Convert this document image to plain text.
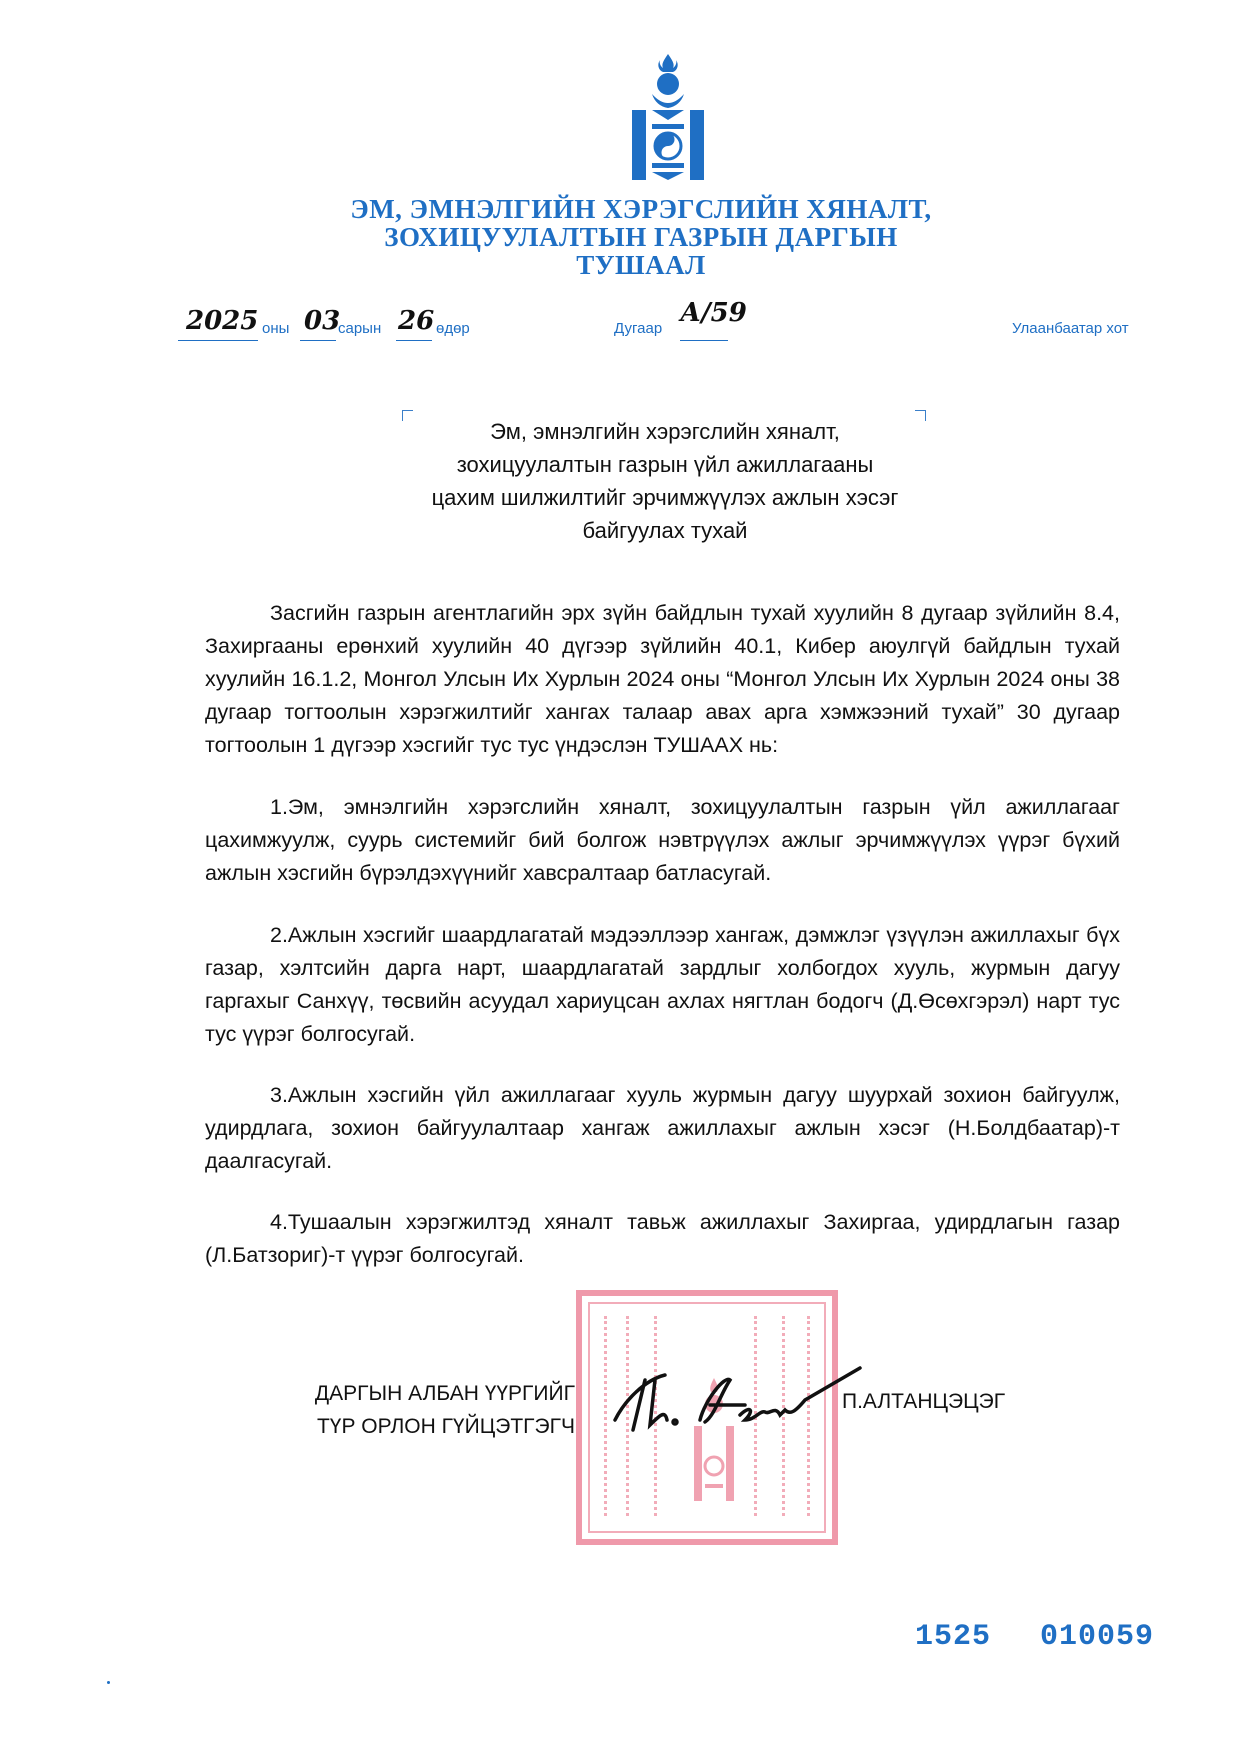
ЭМ, ЭМНЭЛГИЙН ХЭРЭГСЛИЙН ХЯНАЛТ,
ЗОХИЦУУЛАЛТЫН ГАЗРЫН ДАРГЫН
ТУШААЛ
2025 оны 03
сарын 26 өдөр	Дугаар
А/59
Улаанбаатар хот
Эм, эмнэлгийн хэрэгслийн хяналт,
зохицуулалтын газрын үйл ажиллагааны
цахим шилжилтийг эрчимжүүлэх ажлын хэсэг
байгуулах тухай

Засгийн газрын агентлагийн эрх зүйн байдлын тухай хуулийн 8 дугаар зүйлийн 8.4, Захиргааны ерөнхий хуулийн 40 дүгээр зүйлийн 40.1, Кибер аюулгүй байдлын тухай хуулийн 16.1.2, Монгол Улсын Их Хурлын 2024 оны “Монгол Улсын Их Хурлын 2024 оны 38 дугаар тогтоолын хэрэгжилтийг хангах талаар авах арга хэмжээний тухай” 30 дугаар тогтоолын 1 дүгээр хэсгийг тус тус үндэслэн ТУШААХ нь:

1.Эм, эмнэлгийн хэрэгслийн хяналт, зохицуулалтын газрын үйл ажиллагааг цахимжуулж, суурь системийг бий болгож нэвтрүүлэх ажлыг эрчимжүүлэх үүрэг бүхий ажлын хэсгийн бүрэлдэхүүнийг хавсралтаар батласугай.

2.Ажлын хэсгийг шаардлагатай мэдээллээр хангаж, дэмжлэг үзүүлэн ажиллахыг бүх газар, хэлтсийн дарга нарт, шаардлагатай зардлыг холбогдох хууль, журмын дагуу гаргахыг Санхүү, төсвийн асуудал хариуцсан ахлах нягтлан бодогч (Д.Өсөхгэрэл) нарт тус тус үүрэг болгосугай.

3.Ажлын хэсгийн үйл ажиллагааг хууль журмын дагуу шуурхай зохион байгуулж, удирдлага, зохион байгуулалтаар хангаж ажиллахыг ажлын хэсэг (Н.Болдбаатар)-т даалгасугай.

4.Тушаалын хэрэгжилтэд хяналт тавьж ажиллахыг Захиргаа, удирдлагын газар (Л.Батзориг)-т үүрэг болгосугай.

ДАРГЫН АЛБАН ҮҮРГИЙГ
ТҮР ОРЛОН ГҮЙЦЭТГЭГЧ
П.АЛТАНЦЭЦЭГ
1525 010059
